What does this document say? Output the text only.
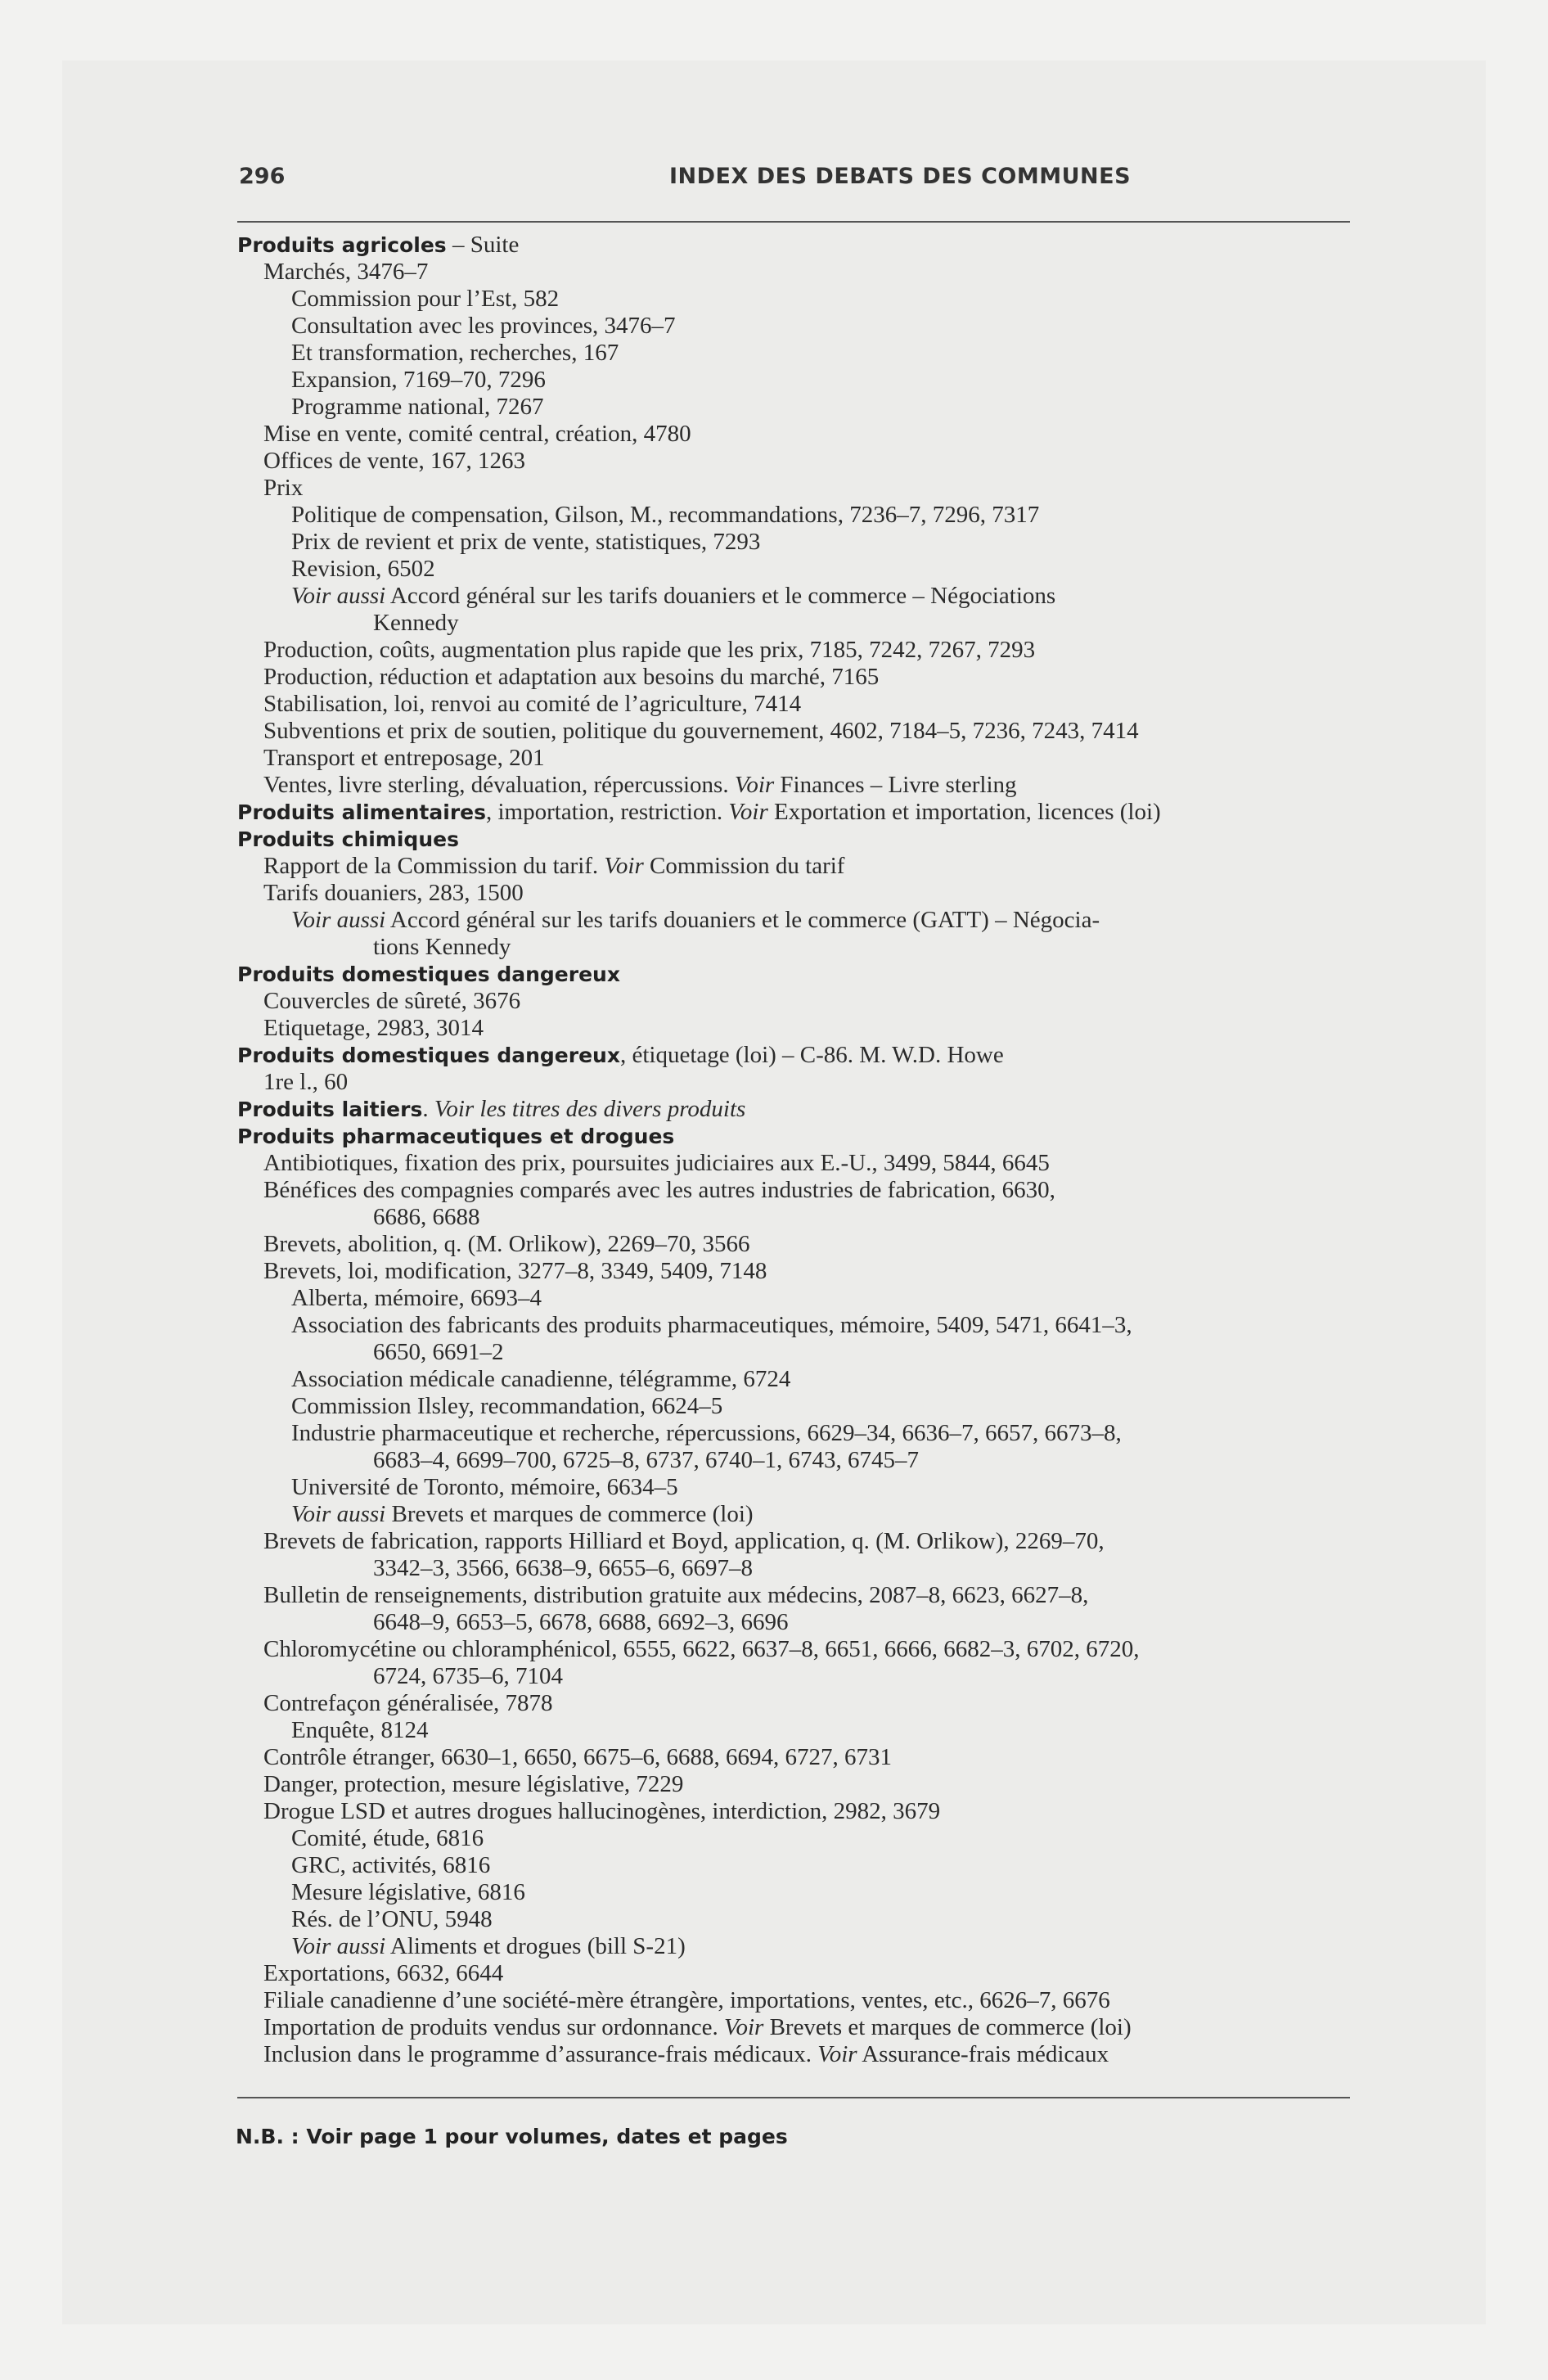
296	INDEX DES DEBATS DES COMMUNES
Produits agricoles – Suite
Marchés, 3476–7
Commission pour l’Est, 582
Consultation avec les provinces, 3476–7
Et transformation, recherches, 167
Expansion, 7169–70, 7296
Programme national, 7267
Mise en vente, comité central, création, 4780
Offices de vente, 167, 1263
Prix
Politique de compensation, Gilson, M., recommandations, 7236–7, 7296, 7317
Prix de revient et prix de vente, statistiques, 7293
Revision, 6502
Voir aussi Accord général sur les tarifs douaniers et le commerce – Négociations
Kennedy
Production, coûts, augmentation plus rapide que les prix, 7185, 7242, 7267, 7293
Production, réduction et adaptation aux besoins du marché, 7165
Stabilisation, loi, renvoi au comité de l’agriculture, 7414
Subventions et prix de soutien, politique du gouvernement, 4602, 7184–5, 7236, 7243, 7414
Transport et entreposage, 201
Ventes, livre sterling, dévaluation, répercussions. Voir Finances – Livre sterling
Produits alimentaires, importation, restriction. Voir Exportation et importation, licences (loi)
Produits chimiques
Rapport de la Commission du tarif. Voir Commission du tarif
Tarifs douaniers, 283, 1500
Voir aussi Accord général sur les tarifs douaniers et le commerce (GATT) – Négocia-
tions Kennedy
Produits domestiques dangereux
Couvercles de sûreté, 3676
Etiquetage, 2983, 3014
Produits domestiques dangereux, étiquetage (loi) – C-86. M. W.D. Howe
1re l., 60
Produits laitiers. Voir les titres des divers produits
Produits pharmaceutiques et drogues
Antibiotiques, fixation des prix, poursuites judiciaires aux E.-U., 3499, 5844, 6645
Bénéfices des compagnies comparés avec les autres industries de fabrication, 6630,
6686, 6688
Brevets, abolition, q. (M. Orlikow), 2269–70, 3566
Brevets, loi, modification, 3277–8, 3349, 5409, 7148
Alberta, mémoire, 6693–4
Association des fabricants des produits pharmaceutiques, mémoire, 5409, 5471, 6641–3,
6650, 6691–2
Association médicale canadienne, télégramme, 6724
Commission Ilsley, recommandation, 6624–5
Industrie pharmaceutique et recherche, répercussions, 6629–34, 6636–7, 6657, 6673–8,
6683–4, 6699–700, 6725–8, 6737, 6740–1, 6743, 6745–7
Université de Toronto, mémoire, 6634–5
Voir aussi Brevets et marques de commerce (loi)
Brevets de fabrication, rapports Hilliard et Boyd, application, q. (M. Orlikow), 2269–70,
3342–3, 3566, 6638–9, 6655–6, 6697–8
Bulletin de renseignements, distribution gratuite aux médecins, 2087–8, 6623, 6627–8,
6648–9, 6653–5, 6678, 6688, 6692–3, 6696
Chloromycétine ou chloramphénicol, 6555, 6622, 6637–8, 6651, 6666, 6682–3, 6702, 6720,
6724, 6735–6, 7104
Contrefaçon généralisée, 7878
Enquête, 8124
Contrôle étranger, 6630–1, 6650, 6675–6, 6688, 6694, 6727, 6731
Danger, protection, mesure législative, 7229
Drogue LSD et autres drogues hallucinogènes, interdiction, 2982, 3679
Comité, étude, 6816
GRC, activités, 6816
Mesure législative, 6816
Rés. de l’ONU, 5948
Voir aussi Aliments et drogues (bill S-21)
Exportations, 6632, 6644
Filiale canadienne d’une société-mère étrangère, importations, ventes, etc., 6626–7, 6676
Importation de produits vendus sur ordonnance. Voir Brevets et marques de commerce (loi)
Inclusion dans le programme d’assurance-frais médicaux. Voir Assurance-frais médicaux
N.B. : Voir page 1 pour volumes, dates et pages
